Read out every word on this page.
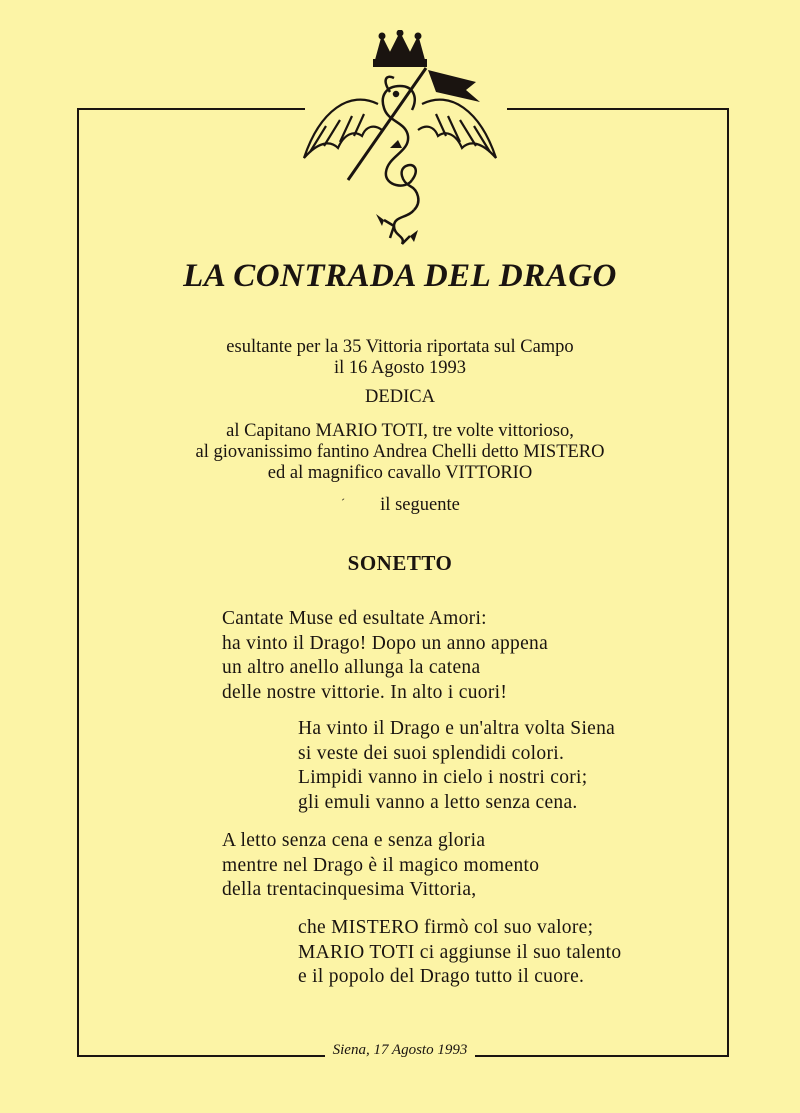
LA CONTRADA DEL DRAGO
esultante per la 35 Vittoria riportata sul Campo
il 16 Agosto 1993
DEDICA
al Capitano MARIO TOTI, tre volte vittorioso,
al giovanissimo fantino Andrea Chelli detto MISTERO
ed al magnifico cavallo VITTORIO
´	il seguente
SONETTO
Cantate Muse ed esultate Amori:
ha vinto il Drago! Dopo un anno appena
un altro anello allunga la catena
delle nostre vittorie. In alto i cuori!
Ha vinto il Drago e un'altra volta Siena
si veste dei suoi splendidi colori.
Limpidi vanno in cielo i nostri cori;
gli emuli vanno a letto senza cena.
A letto senza cena e senza gloria
mentre nel Drago è il magico momento
della trentacinquesima Vittoria,
che MISTERO firmò col suo valore;
MARIO TOTI ci aggiunse il suo talento
e il popolo del Drago tutto il cuore.
Siena, 17 Agosto 1993
